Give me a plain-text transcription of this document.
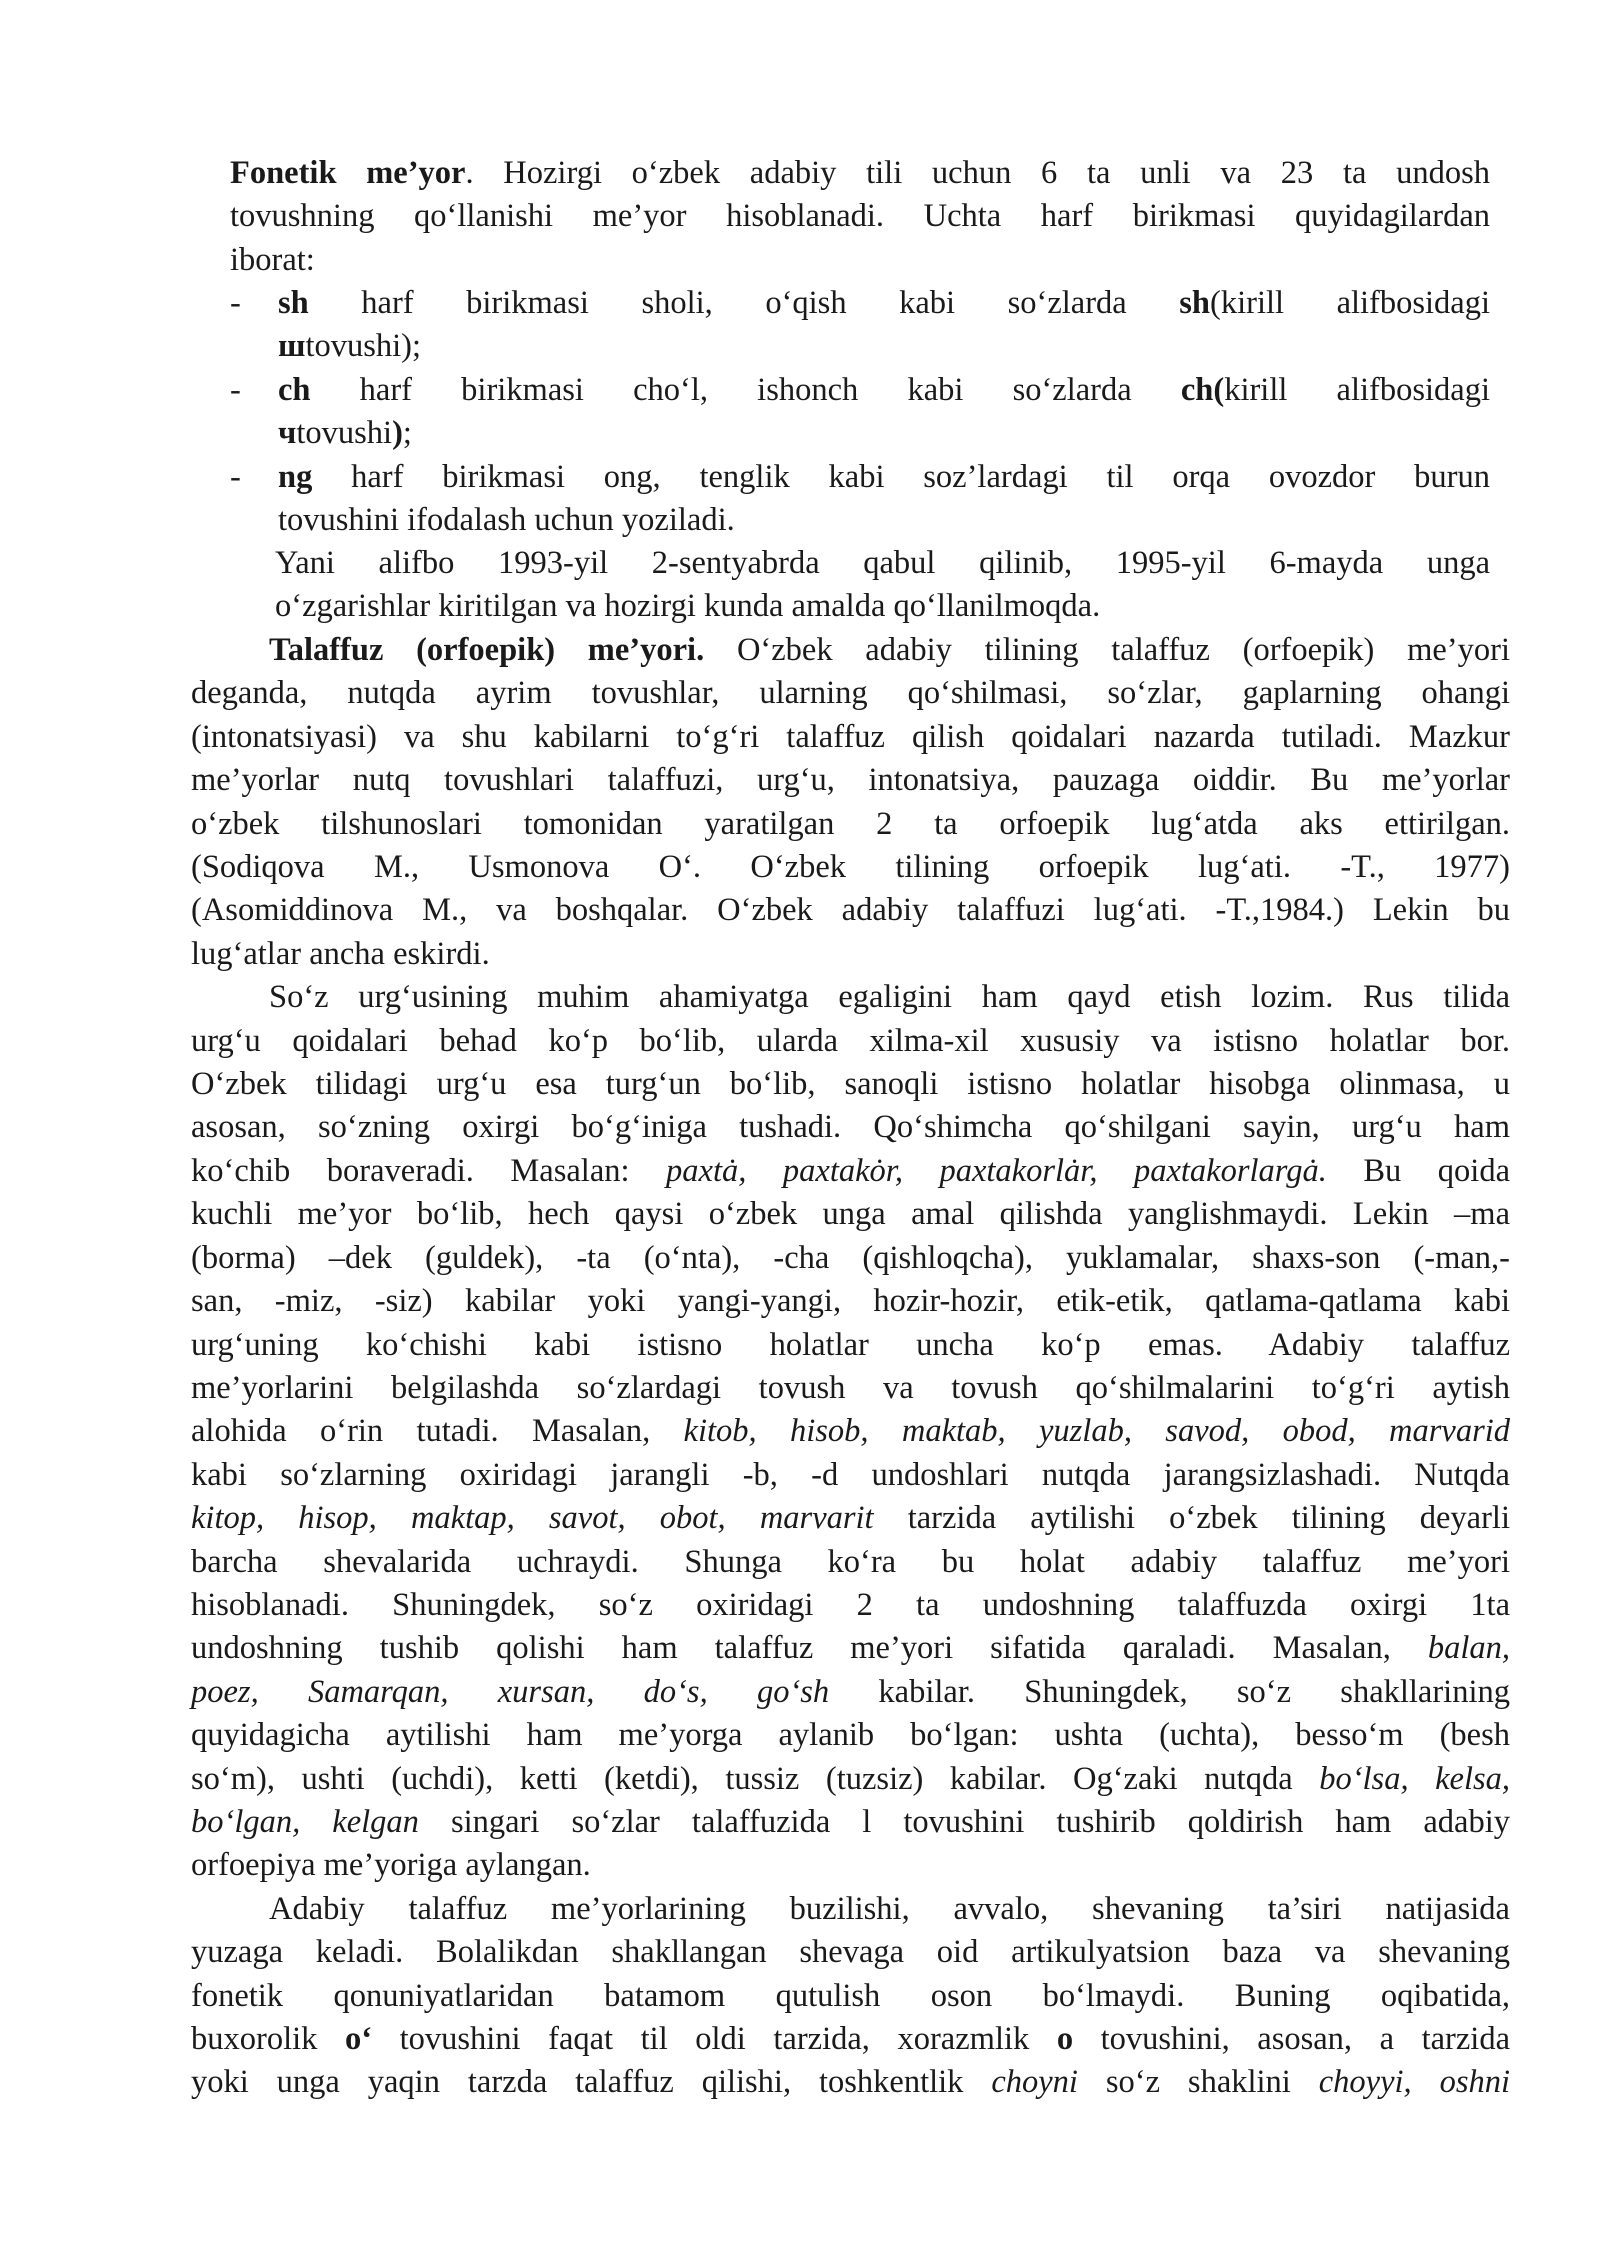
Fonetik me’yor. Hozirgi o‘zbek adabiy tili uchun 6 ta unli va 23 ta undosh
tovushning qo‘llanishi me’yor hisoblanadi. Uchta harf birikmasi quyidagilardan
iborat:
- sh harf birikmasi sholi, o‘qish kabi so‘zlarda sh(kirill alifbosidagi
шtovushi);
- ch harf birikmasi cho‘l, ishonch kabi so‘zlarda ch(kirill alifbosidagi
чtovushi);
- ng harf birikmasi ong, tenglik kabi soz’lardagi til orqa ovozdor burun
tovushini ifodalash uchun yoziladi.
Yani alifbo 1993-yil 2-sentyabrda qabul qilinib, 1995-yil 6-mayda unga
o‘zgarishlar kiritilgan va hozirgi kunda amalda qo‘llanilmoqda.
Talaffuz (orfoepik) me’yori. O‘zbek adabiy tilining talaffuz (orfoepik) me’yori
deganda, nutqda ayrim tovushlar, ularning qo‘shilmasi, so‘zlar, gaplarning ohangi
(intonatsiyasi) va shu kabilarni to‘g‘ri talaffuz qilish qoidalari nazarda tutiladi. Mazkur
me’yorlar nutq tovushlari talaffuzi, urg‘u, intonatsiya, pauzaga oiddir. Bu me’yorlar
o‘zbek tilshunoslari tomonidan yaratilgan 2 ta orfoepik lug‘atda aks ettirilgan.
(Sodiqova M., Usmonova O‘. O‘zbek tilining orfoepik lug‘ati. -T., 1977)
(Asomiddinova M., va boshqalar. O‘zbek adabiy talaffuzi lug‘ati. -T.,1984.) Lekin bu
lug‘atlar ancha eskirdi.
So‘z urg‘usining muhim ahamiyatga egaligini ham qayd etish lozim. Rus tilida
urg‘u qoidalari behad ko‘p bo‘lib, ularda xilma-xil xususiy va istisno holatlar bor.
O‘zbek tilidagi urg‘u esa turg‘un bo‘lib, sanoqli istisno holatlar hisobga olinmasa, u
asosan, so‘zning oxirgi bo‘g‘iniga tushadi. Qo‘shimcha qo‘shilgani sayin, urg‘u ham
ko‘chib boraveradi. Masalan: paxtȧ, paxtakȯr, paxtakorlȧr, paxtakorlargȧ. Bu qoida
kuchli me’yor bo‘lib, hech qaysi o‘zbek unga amal qilishda yanglishmaydi. Lekin –ma
(borma) –dek (guldek), -ta (o‘nta), -cha (qishloqcha), yuklamalar, shaxs-son (-man,-
san, -miz, -siz) kabilar yoki yangi-yangi, hozir-hozir, etik-etik, qatlama-qatlama kabi
urg‘uning ko‘chishi kabi istisno holatlar uncha ko‘p emas. Adabiy talaffuz
me’yorlarini belgilashda so‘zlardagi tovush va tovush qo‘shilmalarini to‘g‘ri aytish
alohida o‘rin tutadi. Masalan, kitob, hisob, maktab, yuzlab, savod, obod, marvarid
kabi so‘zlarning oxiridagi jarangli -b, -d undoshlari nutqda jarangsizlashadi. Nutqda
kitop, hisop, maktap, savot, obot, marvarit tarzida aytilishi o‘zbek tilining deyarli
barcha shevalarida uchraydi. Shunga ko‘ra bu holat adabiy talaffuz me’yori
hisoblanadi. Shuningdek, so‘z oxiridagi 2 ta undoshning talaffuzda oxirgi 1ta
undoshning tushib qolishi ham talaffuz me’yori sifatida qaraladi. Masalan, balan,
poez, Samarqan, xursan, do‘s, go‘sh kabilar. Shuningdek, so‘z shakllarining
quyidagicha aytilishi ham me’yorga aylanib bo‘lgan: ushta (uchta), besso‘m (besh
so‘m), ushti (uchdi), ketti (ketdi), tussiz (tuzsiz) kabilar. Og‘zaki nutqda bo‘lsa, kelsa,
bo‘lgan, kelgan singari so‘zlar talaffuzida l tovushini tushirib qoldirish ham adabiy
orfoepiya me’yoriga aylangan.
Adabiy talaffuz me’yorlarining buzilishi, avvalo, shevaning ta’siri natijasida
yuzaga keladi. Bolalikdan shakllangan shevaga oid artikulyatsion baza va shevaning
fonetik qonuniyatlaridan batamom qutulish oson bo‘lmaydi. Buning oqibatida,
buxorolik o‘ tovushini faqat til oldi tarzida, xorazmlik o tovushini, asosan, a tarzida
yoki unga yaqin tarzda talaffuz qilishi, toshkentlik choyni so‘z shaklini choyyi, oshni
